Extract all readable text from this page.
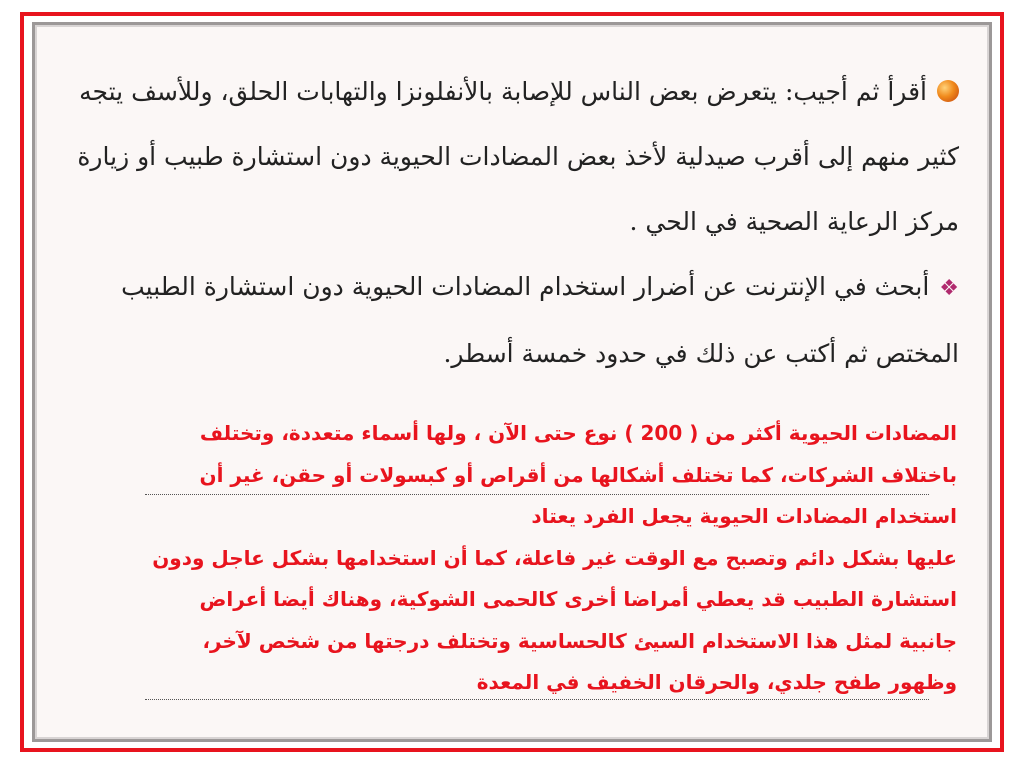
أقرأ ثم أجيب: يتعرض بعض الناس للإصابة بالأنفلونزا والتهابات الحلق، وللأسف يتجه كثير منهم إلى أقرب صيدلية لأخذ بعض المضادات الحيوية دون استشارة طبيب أو زيارة مركز الرعاية الصحية في الحي .

❖أبحث في الإنترنت عن أضرار استخدام المضادات الحيوية دون استشارة الطبيب المختص ثم أكتب عن ذلك في حدود خمسة أسطر.

المضادات الحيوية أكثر من ( 200 ) نوع حتى الآن ، ولها أسماء متعددة، وتختلف
باختلاف الشركات، كما تختلف أشكالها من أقراص أو كبسولات أو حقن، غير أن
استخدام المضادات الحيوية يجعل الفرد يعتاد
عليها بشكل دائم وتصبح مع الوقت غير فاعلة، كما أن استخدامها بشكل عاجل ودون
استشارة الطبيب قد يعطي أمراضا أخرى كالحمى الشوكية، وهناك أيضا أعراض
جانبية لمثل هذا الاستخدام السيئ كالحساسية وتختلف درجتها من شخص لآخر،
وظهور طفح جلدي، والحرقان الخفيف في المعدة
